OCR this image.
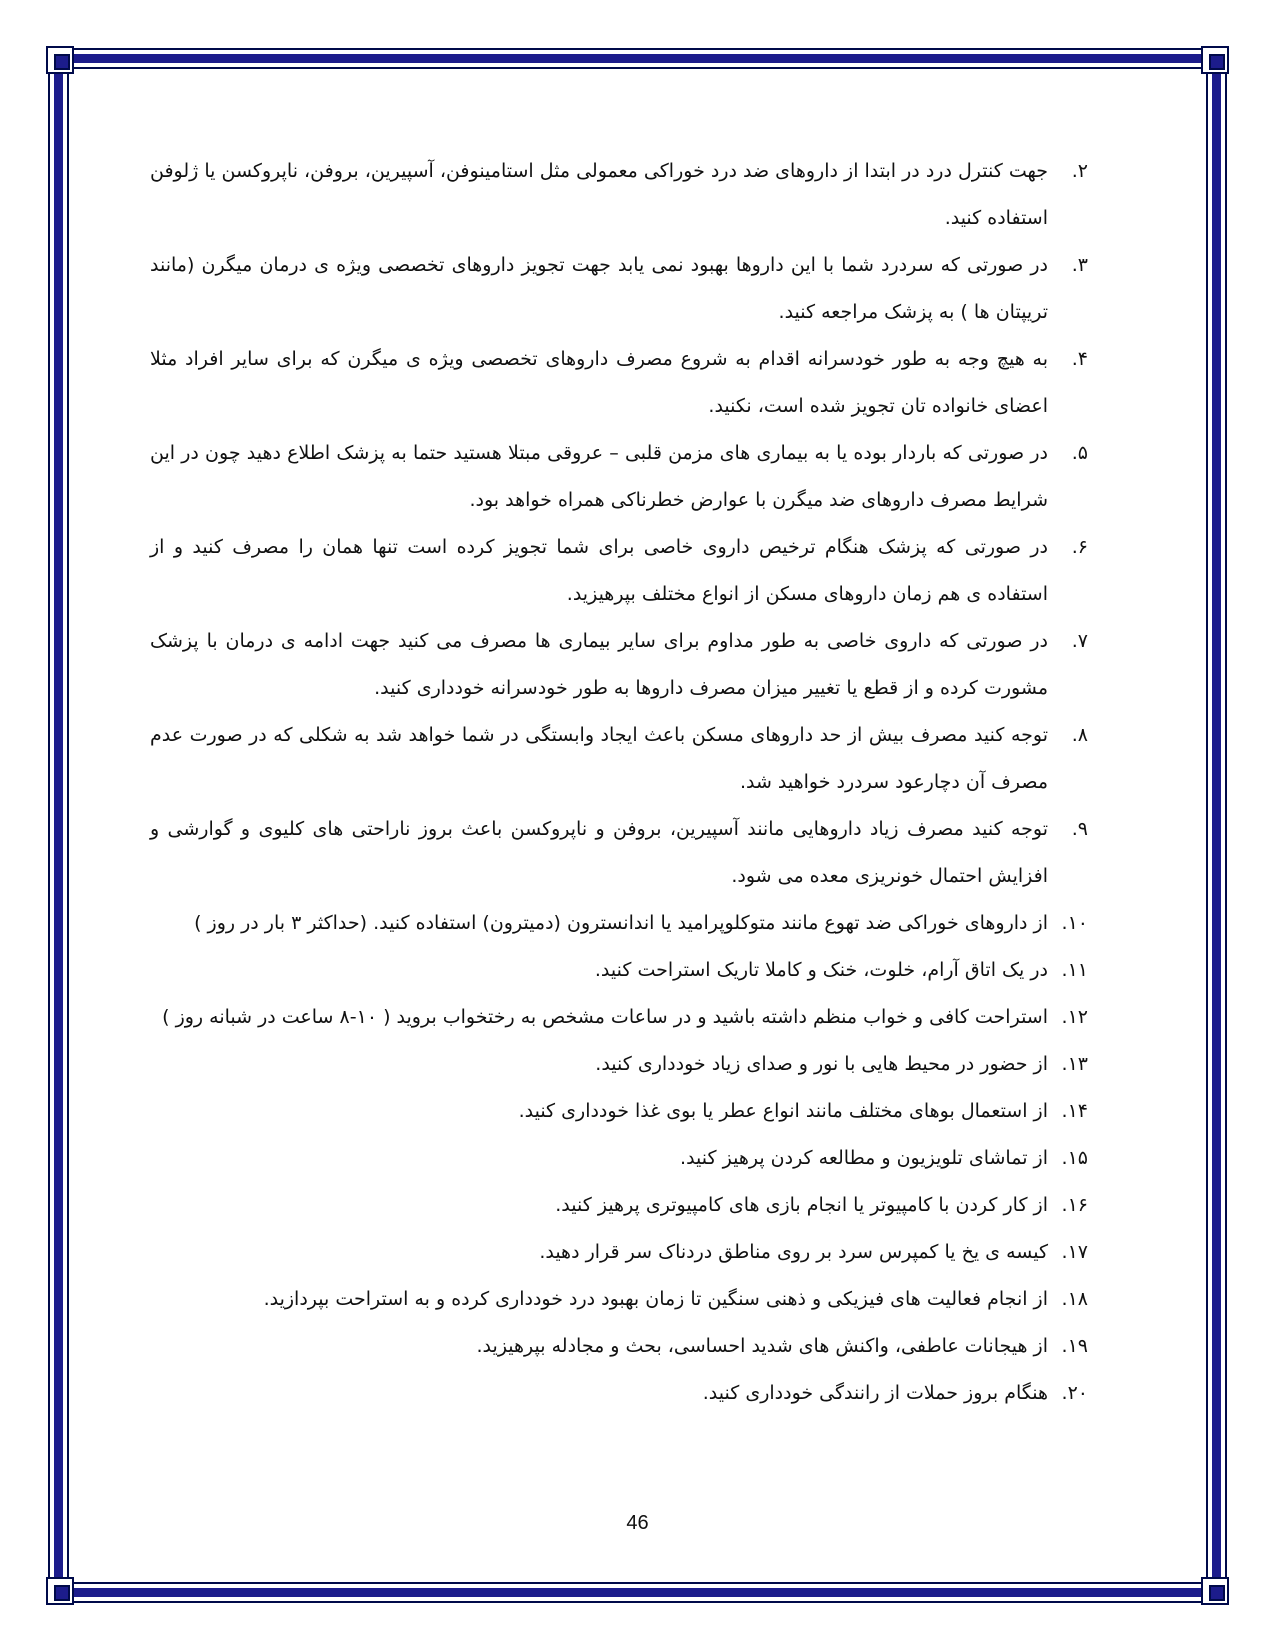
۲.
جهت کنترل درد در ابتدا از داروهای ضد درد خوراکی معمولی مثل استامینوفن، آسپیرین، بروفن، ناپروکسن یا ژلوفن استفاده کنید.
۳.
در صورتی که سردرد شما با این داروها بهبود نمی یابد جهت تجویز داروهای تخصصی ویژه ی درمان میگرن (مانند تریپتان ها ) به پزشک مراجعه کنید.
۴.
به هیچ وجه به طور خودسرانه اقدام به شروع مصرف داروهای تخصصی ویژه ی میگرن که برای سایر افراد مثلا اعضای خانواده تان تجویز شده است، نکنید.
۵.
در صورتی که باردار بوده یا به بیماری های مزمن قلبی – عروقی مبتلا هستید حتما به پزشک اطلاع دهید چون در این شرایط مصرف داروهای ضد میگرن با عوارض خطرناکی همراه خواهد بود.
۶.
در صورتی که پزشک هنگام ترخیص داروی خاصی برای شما تجویز کرده است تنها همان را مصرف کنید و از استفاده ی هم زمان داروهای مسکن از انواع مختلف بپرهیزید.
۷.
در صورتی که داروی خاصی به طور مداوم برای سایر بیماری ها مصرف می کنید جهت ادامه ی درمان با پزشک مشورت کرده و از قطع یا تغییر میزان مصرف داروها به طور خودسرانه خودداری کنید.
۸.
توجه کنید مصرف بیش از حد داروهای مسکن باعث ایجاد وابستگی در شما خواهد شد به شکلی که در صورت عدم مصرف آن دچارعود سردرد خواهید شد.
۹.
توجه کنید مصرف زیاد داروهایی مانند آسپیرین، بروفن و ناپروکسن باعث بروز ناراحتی های کلیوی و گوارشی و افزایش احتمال خونریزی معده می شود.
۱۰.
از داروهای خوراکی ضد تهوع مانند متوکلوپرامید یا اندانسترون (دمیترون) استفاده کنید. (حداکثر ۳ بار در روز )
۱۱.
در یک اتاق آرام، خلوت، خنک و کاملا تاریک استراحت کنید.
۱۲.
استراحت کافی و خواب منظم داشته باشید و در ساعات مشخص به رختخواب بروید ( ۱۰-۸ ساعت در شبانه روز )
۱۳.
از حضور در محیط هایی با نور و صدای زیاد خودداری کنید.
۱۴.
از استعمال بوهای مختلف مانند انواع عطر یا بوی غذا خودداری کنید.
۱۵.
از تماشای تلویزیون و مطالعه کردن پرهیز کنید.
۱۶.
از کار کردن با کامپیوتر یا انجام بازی های کامپیوتری پرهیز کنید.
۱۷.
کیسه ی یخ یا کمپرس سرد بر روی مناطق دردناک سر قرار دهید.
۱۸.
از انجام فعالیت های فیزیکی و ذهنی سنگین تا زمان بهبود درد خودداری کرده و به استراحت بپردازید.
۱۹.
از هیجانات عاطفی، واکنش های شدید احساسی، بحث و مجادله بپرهیزید.
۲۰.
هنگام بروز حملات از رانندگی خودداری کنید.
46
